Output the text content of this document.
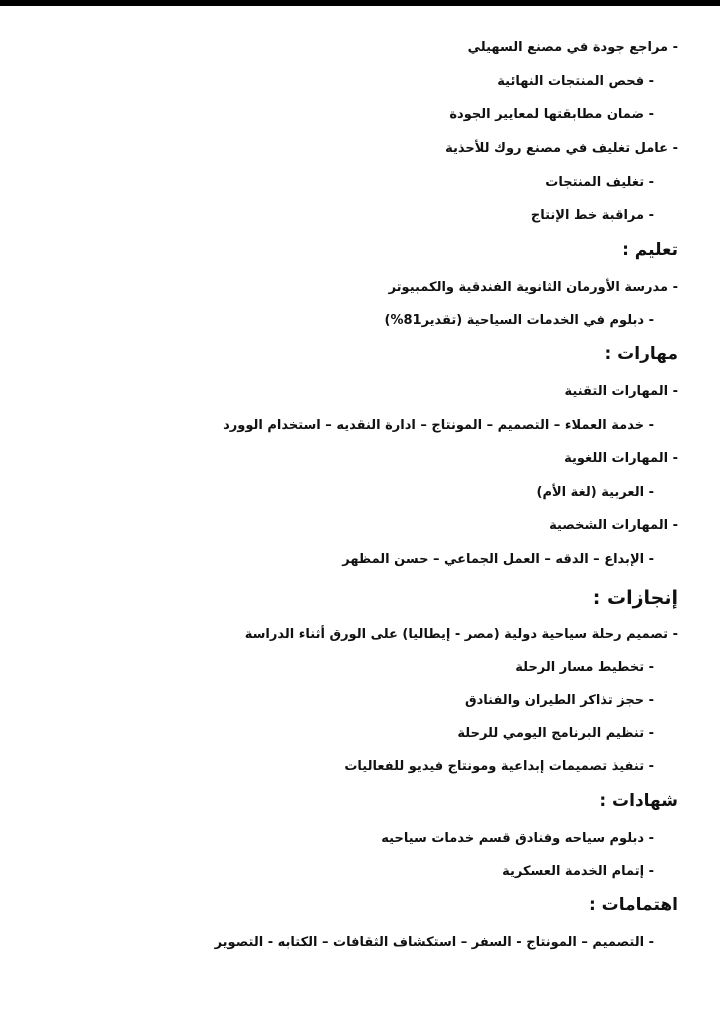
- مراجع جودة في مصنع السهيلي
- فحص المنتجات النهائية
- ضمان مطابقتها لمعايير الجودة
- عامل تغليف في مصنع روك للأحذية
- تغليف المنتجات
- مراقبة خط الإنتاج
تعليم :
- مدرسة الأورمان الثانوية الفندقية والكمبيوتر
- دبلوم في الخدمات السياحية (تقدير81%)
مهارات :
- المهارات التقنية
- خدمة العملاء – التصميم – المونتاج – ادارة النقديه – استخدام الوورد
- المهارات اللغوية
- العربية (لغة الأم)
- المهارات الشخصية
- الإبداع – الدقه – العمل الجماعي – حسن المظهر
إنجازات :
- تصميم رحلة سياحية دولية (مصر - إيطاليا) على الورق أثناء الدراسة
- تخطيط مسار الرحلة
- حجز تذاكر الطيران والفنادق
- تنظيم البرنامج اليومي للرحلة
- تنفيذ تصميمات إبداعية ومونتاج فيديو للفعاليات
شهادات :
- دبلوم سياحه وفنادق قسم خدمات سياحيه
- إتمام الخدمة العسكرية
اهتمامات :
- التصميم – المونتاج - السفر – استكشاف الثقافات – الكتابه - التصوير
